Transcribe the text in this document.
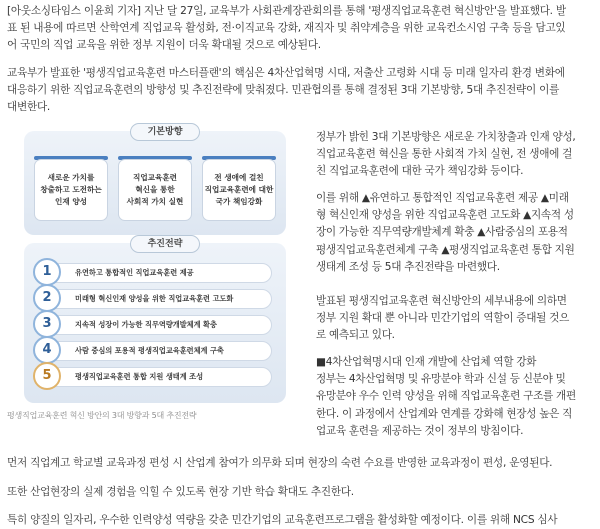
[아웃소싱타임스 이윤희 기자] 지난 달 27일, 교육부가 사회관계장관회의를 통해 '평생직업교육훈련 혁신방안'을 발표했다. 발
표 된 내용에 따르면 산학연계 직업교육 활성화, 전·이직교육 강화, 재직자 및 취약계층을 위한 교육컨소시엄 구축 등을 담고있
어 국민의 직업 교육을 위한 정부 지원이 더욱 확대될 것으로 예상된다.
교육부가 발표한 '평생직업교육훈련 마스터플랜'의 핵심은 4차산업혁명 시대, 저출산 고령화 시대 등 미래 일자리 환경 변화에
대응하기 위한 직업교육훈련의 방향성 및 추진전략에 맞춰졌다. 민관협의를 통해 결정된 3대 기본방향, 5대 추진전략이 이를
대변한다.
기본방향
새로운 가치를
창출하고 도전하는
인재 양성
직업교육훈련
혁신을 통한
사회적 가치 실현
전 생애에 걸친
직업교육훈련에 대한
국가 책임강화
추진전략
1	유연하고 통합적인 직업교육훈련 제공
2	미래형 혁신인재 양성을 위한 직업교육훈련 고도화
3	지속적 성장이 가능한 직무역량개발체계 확충
4	사람 중심의 포용적 평생직업교육훈련체계 구축
5	평생직업교육훈련 통합 지원 생태계 조성
평생직업교육훈련 혁신 방안의 3대 방향과 5대 추진전략
정부가 밝힌 3대 기본방향은 새로운 가치창출과 인재 양성,
직업교육훈련 혁신을 통한 사회적 가치 실현, 전 생애에 걸
친 직업교육훈련에 대한 국가 책임강화 등이다.
이를 위해 ▲유연하고 통합적인 직업교육훈련 제공 ▲미래
형 혁신인재 양성을 위한 직업교육훈련 고도화 ▲지속적 성
장이 가능한 직무역량개발체계 확충 ▲사람중심의 포용적
평생직업교육훈련체계 구축 ▲평생직업교육훈련 통합 지원
생태계 조성 등 5대 추진전략을 마련했다.
발표된 평생직업교육훈련 혁신방안의 세부내용에 의하면
정부 지원 확대 뿐 아니라 민간기업의 역할이 증대될 것으
로 예측되고 있다.
■4차산업혁명시대 인재 개발에 산업체 역할 강화
정부는 4차산업혁명 및 유망분야 학과 신설 등 신분야 및
유망분야 우수 인력 양성을 위해 직업교육훈련 구조를 개편
한다. 이 과정에서 산업계와 연계를 강화해 현장성 높은 직
업교육 훈련을 제공하는 것이 정부의 방침이다.
먼저 직업계고 학교별 교육과정 편성 시 산업계 참여가 의무화 되며 현장의 숙련 수요를 반영한 교육과정이 편성, 운영된다.
또한 산업현장의 실제 경험을 익힐 수 있도록 현장 기반 학습 확대도 추진한다.
특히 양질의 일자리, 우수한 인력양성 역량을 갖춘 민간기업의 교육훈련프로그램을 활성화할 예정이다. 이를 위해 NCS 심사
